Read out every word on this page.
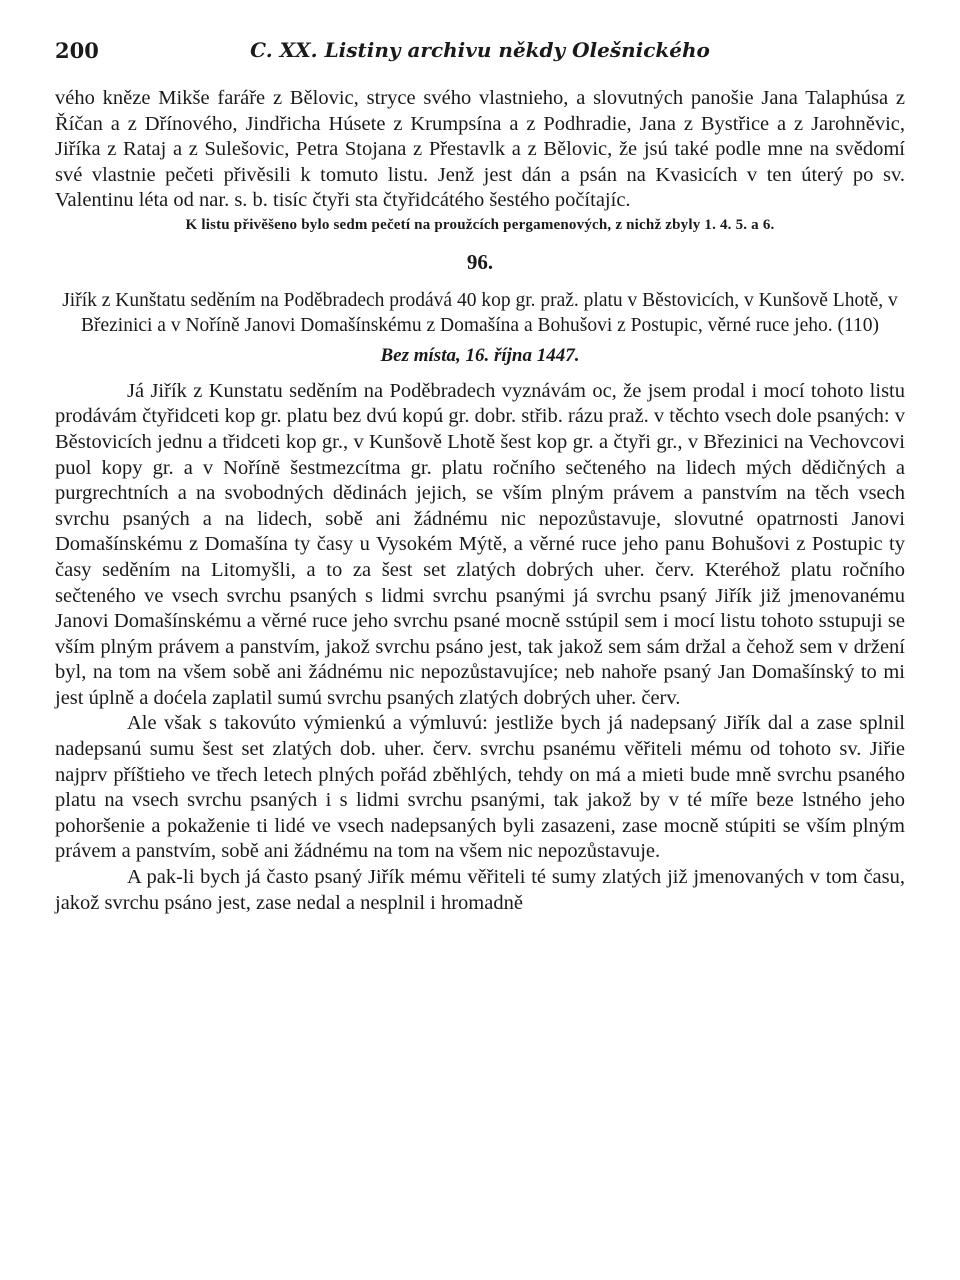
200	C. XX. Listiny archivu někdy Olešnického

vého kněze Mikše faráře z Bělovic, stryce svého vlastnieho, a slovutných panošie Jana Talaphúsa z Říčan a z Dřínového, Jindřicha Húsete z Krumpsína a z Podhradie, Jana z Bystřice a z Jarohněvic, Jiříka z Rataj a z Sulešovic, Petra Stojana z Přestavlk a z Bělovic, že jsú také podle mne na svědomí své vlastnie pečeti přivěsili k tomuto listu. Jenž jest dán a psán na Kvasicích v ten úterý po sv. Valentinu léta od nar. s. b. tisíc čtyři sta čtyřidcátého šestého počítajíc.

K listu přivěšeno bylo sedm pečetí na proužcích pergamenových, z nichž zbyly 1. 4. 5. a 6.

96.

Jiřík z Kunštatu seděním na Poděbradech prodává 40 kop gr. praž. platu v Běstovicích, v Kunšově Lhotě, v Březinici a v Noříně Janovi Domašínskému z Domašína a Bohušovi z Postupic, věrné ruce jeho. (110)

Bez místa, 16. října 1447.

Já Jiřík z Kunstatu seděním na Poděbradech vyznávám oc, že jsem prodal i mocí tohoto listu prodávám čtyřidceti kop gr. platu bez dvú kopú gr. dobr. střib. rázu praž. v těchto vsech dole psaných: v Běstovicích jednu a třidceti kop gr., v Kunšově Lhotě šest kop gr. a čtyři gr., v Březinici na Vechovcovi puol kopy gr. a v Nořínĕ šestmezcítma gr. platu ročního sečteného na lidech mých dědičných a purgrechtních a na svobodných dědinách jejich, se vším plným právem a panstvím na těch vsech svrchu psaných a na lidech, sobě ani žádnému nic nepozůstavuje, slovutné opatrnosti Janovi Domašínskému z Domašína ty časy u Vysokém Mýtě, a věrné ruce jeho panu Bohušovi z Postupic ty časy seděním na Litomyšli, a to za šest set zlatých dobrých uher. červ. Kteréhož platu ročního sečteného ve vsech svrchu psaných s lidmi svrchu psanými já svrchu psaný Jiřík již jmenovanému Janovi Domašínskému a věrné ruce jeho svrchu psané mocně sstúpil sem i mocí listu tohoto sstupuji se vším plným právem a panstvím, jakož svrchu psáno jest, tak jakož sem sám držal a čehož sem v držení byl, na tom na všem sobě ani žádnému nic nepozůstavujíce; neb nahoře psaný Jan Domašínský to mi jest úplně a doćela zaplatil sumú svrchu psaných zlatých dobrých uher. červ.

Ale však s takovúto výmienkú a výmluvú: jestliže bych já nadepsaný Jiřík dal a zase splnil nadepsanú sumu šest set zlatých dob. uher. červ. svrchu psanému věřiteli mému od tohoto sv. Jiřie najprv příštieho ve třech letech plných pořád zběhlých, tehdy on má a mieti bude mně svrchu psaného platu na vsech svrchu psaných i s lidmi svrchu psanými, tak jakož by v té míře beze lstného jeho pohoršenie a pokaženie ti lidé ve vsech nadepsaných byli zasazeni, zase mocně stúpiti se vším plným právem a panstvím, sobě ani žádnému na tom na všem nic nepozůstavuje.

A pak-li bych já často psaný Jiřík mému věřiteli té sumy zlatých již jmenovaných v tom času, jakož svrchu psáno jest, zase nedal a nesplnil i hromadně
